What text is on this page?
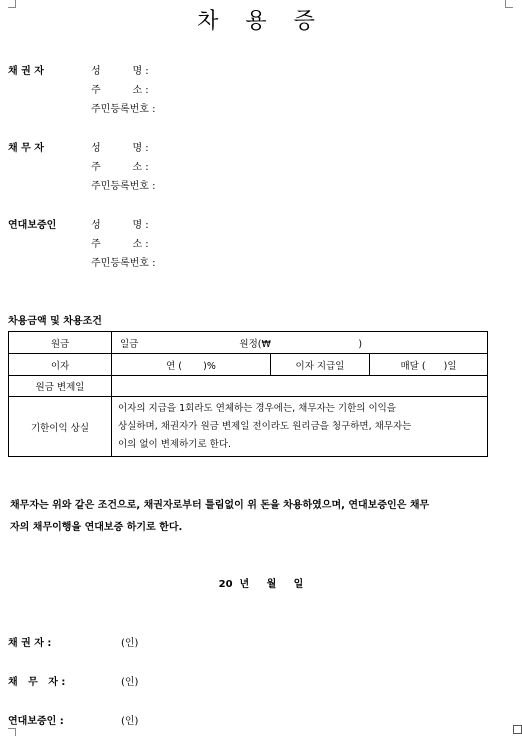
차 용 증
채 권 자	성          명 :
주          소 :
주민등록번호 :
채 무 자	성          명 :
주          소 :
주민등록번호 :
연대보증인	성          명 :
주          소 :
주민등록번호 :
차용금액 및 차용조건
원금	일금 원정(₩                             )		
이자	연 (       )%	이자 지급일	매달 (      )일
원금 변제일			
기한이익 상실	이자의 지급을 1회라도 연체하는 경우에는, 채무자는 기한의 이익을
상실하며, 채권자가 원금 변제일 전이라도 원리금을 청구하면, 채무자는
이의 없이 변제하기로 한다.		
채무자는 위와 같은 조건으로, 채권자로부터 틀림없이 위 돈을 차용하였으며, 연대보증인은 채무
자의 채무이행을 연대보증 하기로 한다.
20  년     월     일
채 권 자 :	(인)
채   무   자 :	(인)
연대보증인 :	(인)
